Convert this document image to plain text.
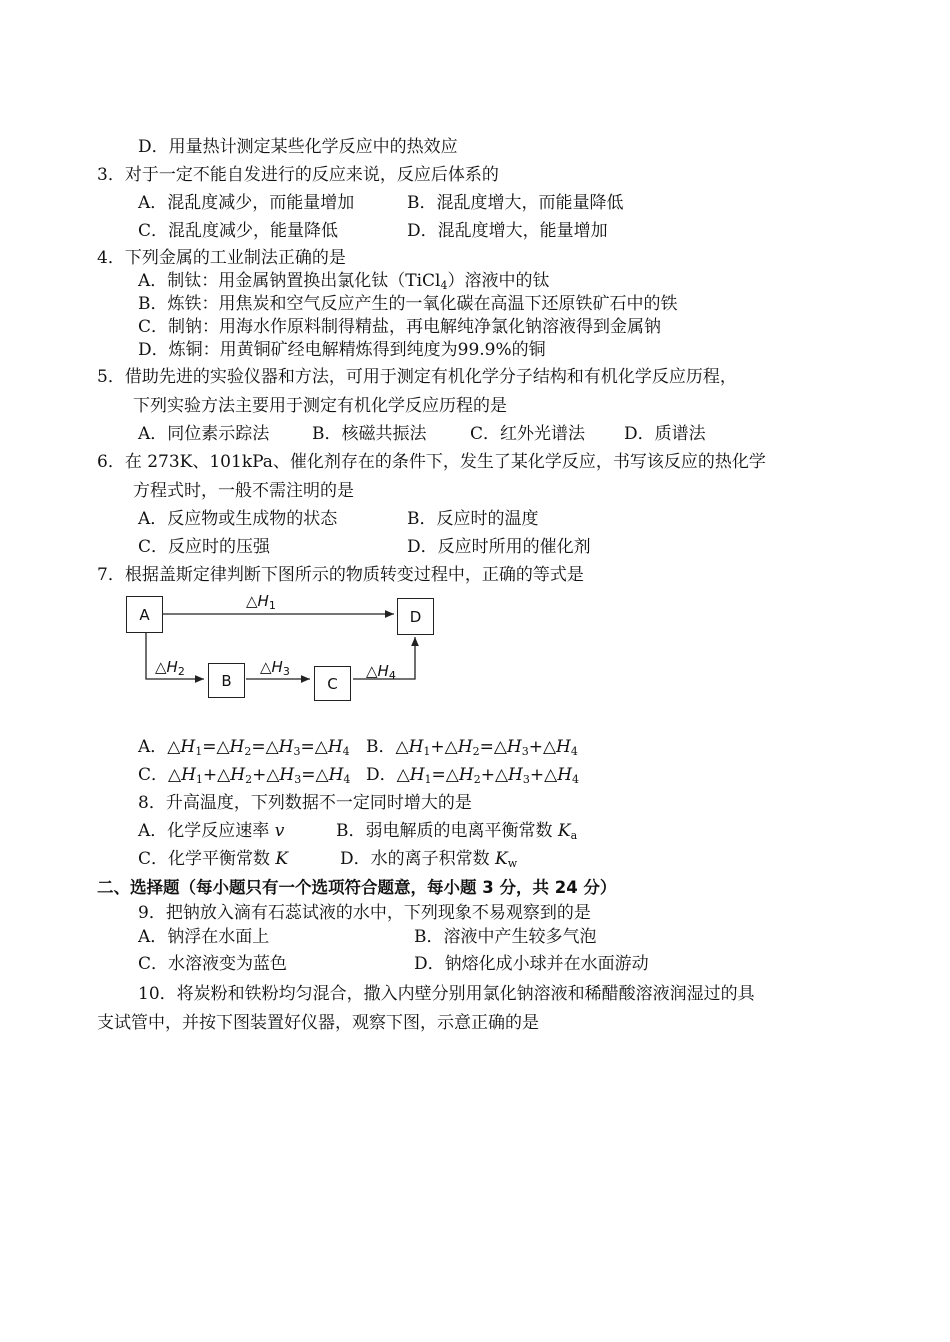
D．用量热计测定某些化学反应中的热效应
3．对于一定不能自发进行的反应来说，反应后体系的
A．混乱度减少，而能量增加	B．混乱度增大，而能量降低
C．混乱度减少，能量降低	D．混乱度增大，能量增加
4．下列金属的工业制法正确的是
A．制钛：用金属钠置换出氯化钛（TiCl$_4$）溶液中的钛
B．炼铁：用焦炭和空气反应产生的一氧化碳在高温下还原铁矿石中的铁
C．制钠：用海水作原料制得精盐，再电解纯净氯化钠溶液得到金属钠
D．炼铜：用黄铜矿经电解精炼得到纯度为99.9%的铜
5．借助先进的实验仪器和方法，可用于测定有机化学分子结构和有机化学反应历程，
下列实验方法主要用于测定有机化学反应历程的是
A．同位素示踪法	B．核磁共振法	C．红外光谱法 D．质谱法
6．在 273K、101kPa、催化剂存在的条件下，发生了某化学反应，书写该反应的热化学
方程式时，一般不需注明的是
A．反应物或生成物的状态	B．反应时的温度
C．反应时的压强	D．反应时所用的催化剂
7．根据盖斯定律判断下图所示的物质转变过程中，正确的等式是
A	D
B	C
$\triangle H_1$
$\triangle H_2$	$\triangle H_3$	$\triangle H_4$
A．$\triangle H_1=\triangle H_2=\triangle H_3=\triangle H_4$ B．$\triangle H_1+\triangle H_2=\triangle H_3+\triangle H_4$
C．$\triangle H_1+\triangle H_2+\triangle H_3=\triangle H_4$ D．$\triangle H_1=\triangle H_2+\triangle H_3+\triangle H_4$
8．升高温度，下列数据不一定同时增大的是
A．化学反应速率 v	B．弱电解质的电离平衡常数 $K_a$
C．化学平衡常数 K	D．水的离子积常数 $K_w$
二、选择题（每小题只有一个选项符合题意，每小题 3 分，共 24 分）
9．把钠放入滴有石蕊试液的水中，下列现象不易观察到的是
A．钠浮在水面上	B．溶液中产生较多气泡
C．水溶液变为蓝色	D．钠熔化成小球并在水面游动
10．将炭粉和铁粉均匀混合，撒入内壁分别用氯化钠溶液和稀醋酸溶液润湿过的具
支试管中，并按下图装置好仪器，观察下图，示意正确的是
